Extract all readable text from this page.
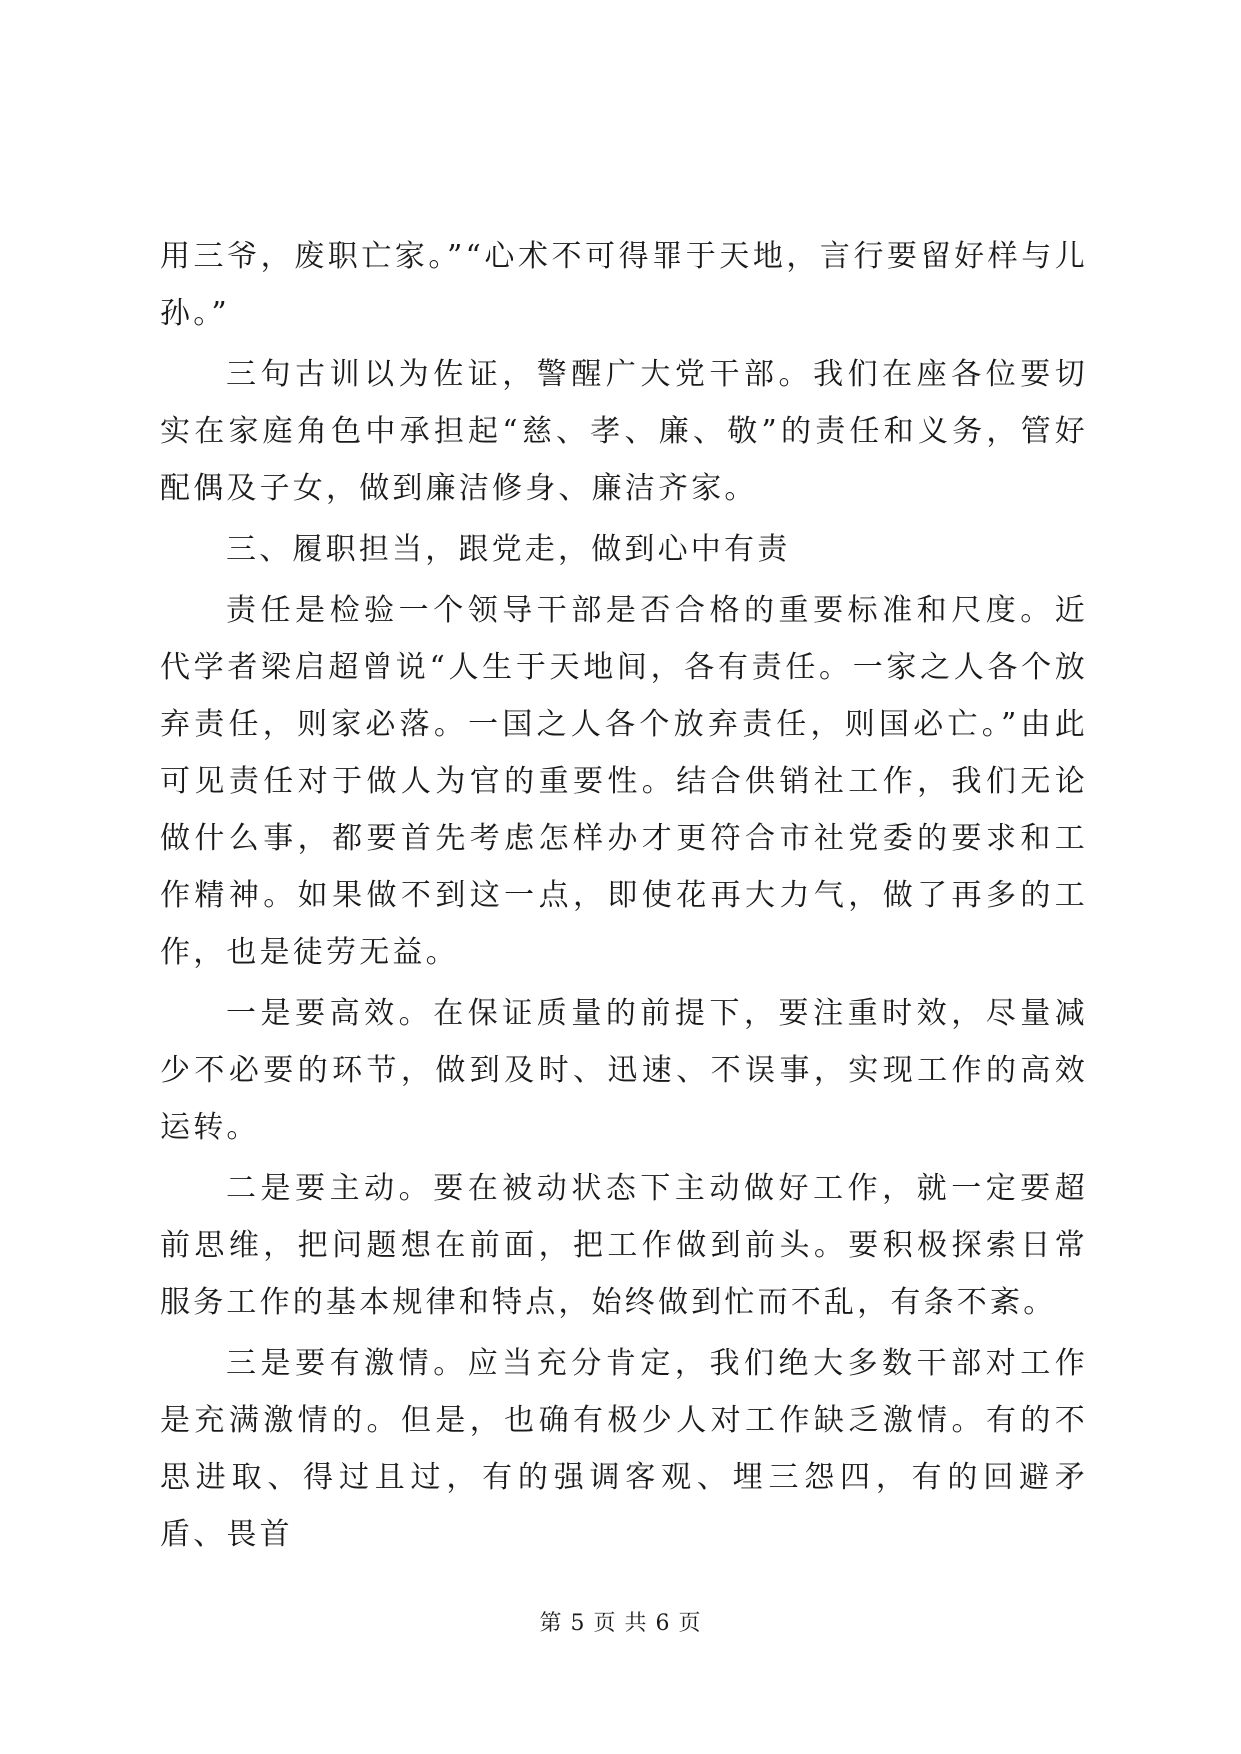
用三爷，废职亡家。”“心术不可得罪于天地，言行要留好样与儿孙。”

三句古训以为佐证，警醒广大党干部。我们在座各位要切实在家庭角色中承担起“慈、孝、廉、敬”的责任和义务，管好配偶及子女，做到廉洁修身、廉洁齐家。

三、履职担当，跟党走，做到心中有责

责任是检验一个领导干部是否合格的重要标准和尺度。近代学者梁启超曾说“人生于天地间，各有责任。一家之人各个放弃责任，则家必落。一国之人各个放弃责任，则国必亡。”由此可见责任对于做人为官的重要性。结合供销社工作，我们无论做什么事，都要首先考虑怎样办才更符合市社党委的要求和工作精神。如果做不到这一点，即使花再大力气，做了再多的工作，也是徒劳无益。

一是要高效。在保证质量的前提下，要注重时效，尽量减少不必要的环节，做到及时、迅速、不误事，实现工作的高效运转。

二是要主动。要在被动状态下主动做好工作，就一定要超前思维，把问题想在前面，把工作做到前头。要积极探索日常服务工作的基本规律和特点，始终做到忙而不乱，有条不紊。

三是要有激情。应当充分肯定，我们绝大多数干部对工作是充满激情的。但是，也确有极少人对工作缺乏激情。有的不思进取、得过且过，有的强调客观、埋三怨四，有的回避矛盾、畏首

第 5 页 共 6 页
